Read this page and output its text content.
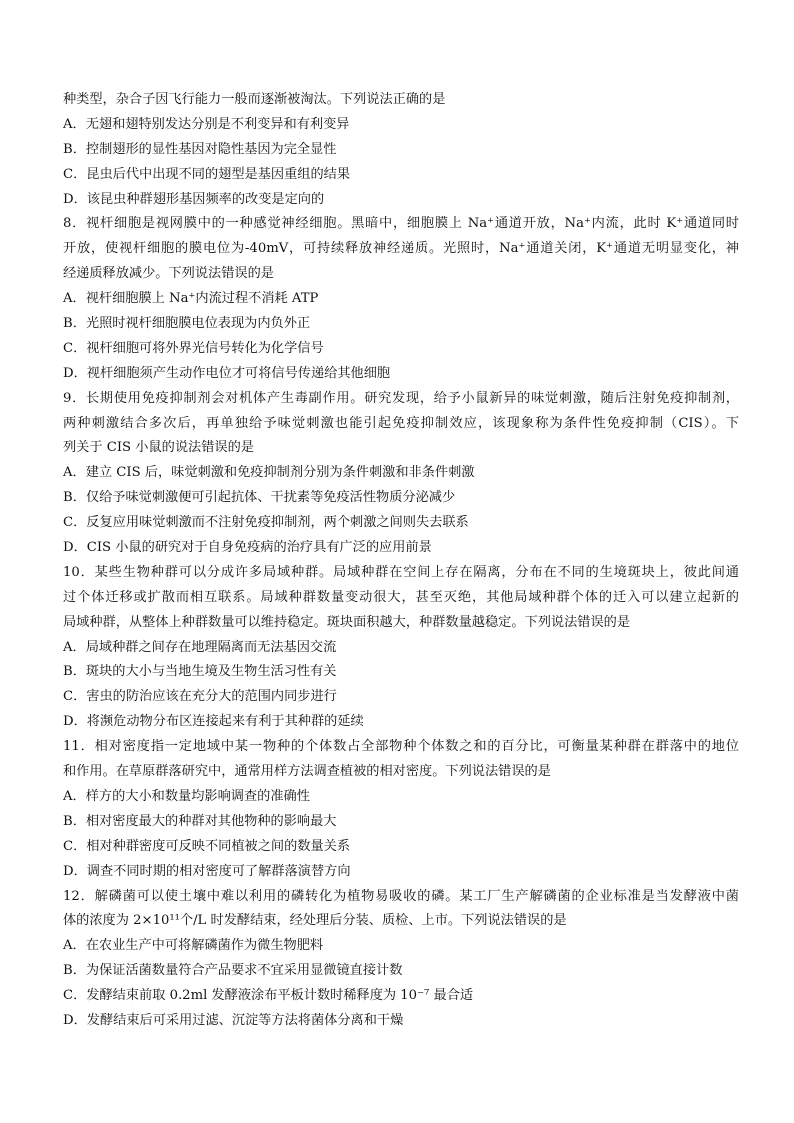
种类型，杂合子因飞行能力一般而逐渐被淘汰。下列说法正确的是
A．无翅和翅特别发达分别是不利变异和有利变异
B．控制翅形的显性基因对隐性基因为完全显性
C．昆虫后代中出现不同的翅型是基因重组的结果
D．该昆虫种群翅形基因频率的改变是定向的
8．视杆细胞是视网膜中的一种感觉神经细胞。黑暗中，细胞膜上 Na⁺通道开放，Na⁺内流，此时 K⁺通道同时
开放，使视杆细胞的膜电位为-40mV，可持续释放神经递质。光照时，Na⁺通道关闭，K⁺通道无明显变化，神
经递质释放减少。下列说法错误的是
A．视杆细胞膜上 Na⁺内流过程不消耗 ATP
B．光照时视杆细胞膜电位表现为内负外正
C．视杆细胞可将外界光信号转化为化学信号
D．视杆细胞须产生动作电位才可将信号传递给其他细胞
9．长期使用免疫抑制剂会对机体产生毒副作用。研究发现，给予小鼠新异的味觉刺激，随后注射免疫抑制剂，
两种刺激结合多次后，再单独给予味觉刺激也能引起免疫抑制效应，该现象称为条件性免疫抑制（CIS）。下
列关于 CIS 小鼠的说法错误的是
A．建立 CIS 后，味觉刺激和免疫抑制剂分别为条件刺激和非条件刺激
B．仅给予味觉刺激便可引起抗体、干扰素等免疫活性物质分泌减少
C．反复应用味觉刺激而不注射免疫抑制剂，两个刺激之间则失去联系
D．CIS 小鼠的研究对于自身免疫病的治疗具有广泛的应用前景
10．某些生物种群可以分成许多局域种群。局域种群在空间上存在隔离，分布在不同的生境斑块上，彼此间通
过个体迁移或扩散而相互联系。局域种群数量变动很大，甚至灭绝，其他局域种群个体的迁入可以建立起新的
局域种群，从整体上种群数量可以维持稳定。斑块面积越大，种群数量越稳定。下列说法错误的是
A．局域种群之间存在地理隔离而无法基因交流
B．斑块的大小与当地生境及生物生活习性有关
C．害虫的防治应该在充分大的范围内同步进行
D．将濒危动物分布区连接起来有利于其种群的延续
11．相对密度指一定地域中某一物种的个体数占全部物种个体数之和的百分比，可衡量某种群在群落中的地位
和作用。在草原群落研究中，通常用样方法调查植被的相对密度。下列说法错误的是
A．样方的大小和数量均影响调查的准确性
B．相对密度最大的种群对其他物种的影响最大
C．相对种群密度可反映不同植被之间的数量关系
D．调查不同时期的相对密度可了解群落演替方向
12．解磷菌可以使土壤中难以利用的磷转化为植物易吸收的磷。某工厂生产解磷菌的企业标准是当发酵液中菌
体的浓度为 2×10¹¹个/L 时发酵结束，经处理后分装、质检、上市。下列说法错误的是
A．在农业生产中可将解磷菌作为微生物肥料
B．为保证活菌数量符合产品要求不宜采用显微镜直接计数
C．发酵结束前取 0.2ml 发酵液涂布平板计数时稀释度为 10⁻⁷ 最合适
D．发酵结束后可采用过滤、沉淀等方法将菌体分离和干燥
